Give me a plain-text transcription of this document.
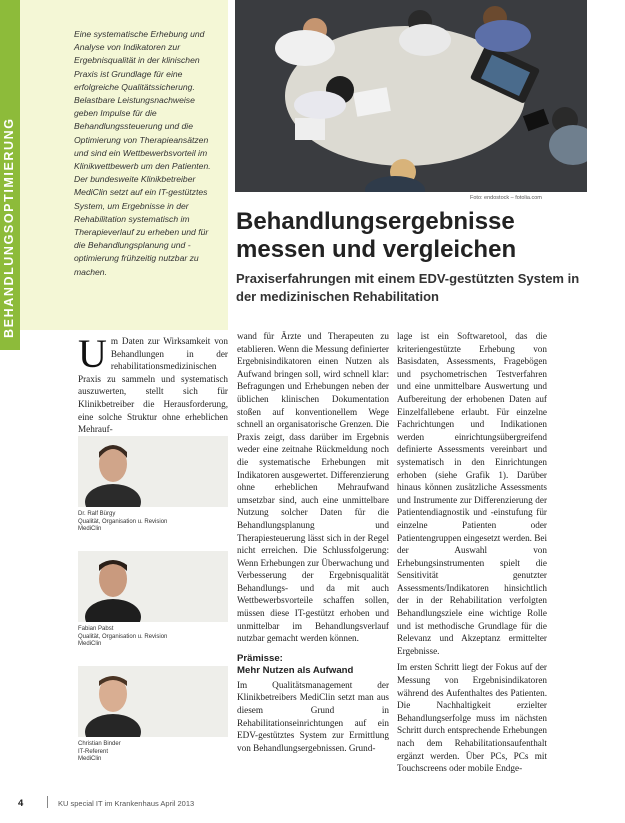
BEHANDLUNGSOPTIMIERUNG

Eine systematische Erhebung und Analyse von Indikatoren zur Ergebnisqualität in der klinischen Praxis ist Grundlage für eine erfolgreiche Qualitätssicherung. Belastbare Leistungsnachweise geben Impulse für die Behandlungssteuerung und die Optimierung von Therapieansätzen und sind ein Wettbewerbsvorteil im Klinikwettbewerb um den Patienten. Der bundesweite Klinikbetreiber MediClin setzt auf ein IT-gestütztes System, um Ergebnisse in der Rehabilitation systematisch im Therapieverlauf zu erheben und für die Behandlungsplanung und -optimierung frühzeitig nutzbar zu machen.

Foto: endostock – fotolia.com
Behandlungsergebnisse messen und vergleichen
Praxiserfahrungen mit einem EDV-gestützten System in der medizinischen Rehabilitation
U m Daten zur Wirksamkeit von Behandlungen in der rehabilitationsmedizinischen Praxis zu sammeln und systematisch auszuwerten, stellt sich für Klinikbetreiber die Herausforderung, eine solche Struktur ohne erheblichen Mehrauf-
Dr. Ralf Bürgy
Qualität, Organisation u. Revision
MediClin
Fabian Pabst
Qualität, Organisation u. Revision
MediClin
Christian Binder
IT-Referent
MediClin

wand für Ärzte und Therapeuten zu etablieren. Wenn die Messung definierter Ergebnisindikatoren einen Nutzen als Aufwand bringen soll, wird schnell klar: Befragungen und Erhebungen neben der üblichen klinischen Dokumentation stoßen auf konventionellem Wege schnell an organisatorische Grenzen. Die Praxis zeigt, dass darüber im Ergebnis weder eine zeitnahe Rückmeldung noch die systematische Erhebungen mit Indikatoren ausgewertet. Differenzierung ohne erheblichen Mehraufwand umsetzbar sind, auch eine unmittelbare Nutzung solcher Daten für die Behandlungsplanung und Therapiesteuerung lässt sich in der Regel nicht erreichen. Die Schlussfolgerung: Wenn Erhebungen zur Überwachung und Verbesserung der Ergebnisqualität Behandlungs- und da mit auch Wettbewerbsvorteile schaffen sollen, müssen diese IT-gestützt erhoben und unmittelbar im Behandlungsverlauf nutzbar gemacht werden können.

Prämisse:
Mehr Nutzen als Aufwand

Im Qualitätsmanagement der Klinikbetreibers MediClin setzt man aus diesem Grund in Rehabilitationseinrichtungen auf ein EDV-gestütztes System zur Ermittlung von Behandlungsergebnissen. Grund-

lage ist ein Softwaretool, das die kriteriengestützte Erhebung von Basisdaten, Assessments, Fragebögen und psychometrischen Testverfahren und eine unmittelbare Auswertung und Aufbereitung der erhobenen Daten auf Einzelfallebene erlaubt. Für einzelne Fachrichtungen und Indikationen werden einrichtungsübergreifend definierte Assessments vereinbart und systematisch in den Einrichtungen erhoben (siehe Grafik 1). Darüber hinaus können zusätzliche Assessments und Instrumente zur Differenzierung der Patientendiagnostik und -einstufung für einzelne Patienten oder Patientengruppen eingesetzt werden. Bei der Auswahl von Erhebungsinstrumenten spielt die Sensitivität genutzter Assessments/Indikatoren hinsichtlich der in der Rehabilitation verfolgten Behandlungsziele eine wichtige Rolle und ist methodische Grundlage für die Relevanz und Akzeptanz ermittelter Ergebnisse.

Im ersten Schritt liegt der Fokus auf der Messung von Ergebnisindikatoren während des Aufenthaltes des Patienten. Die Nachhaltigkeit erzielter Behandlungserfolge muss im nächsten Schritt durch entsprechende Erhebungen nach dem Rehabilitationsaufenthalt ergänzt werden. Über PCs, PCs mit Touchscreens oder mobile Endge-

4	KU special IT im Krankenhaus April 2013
